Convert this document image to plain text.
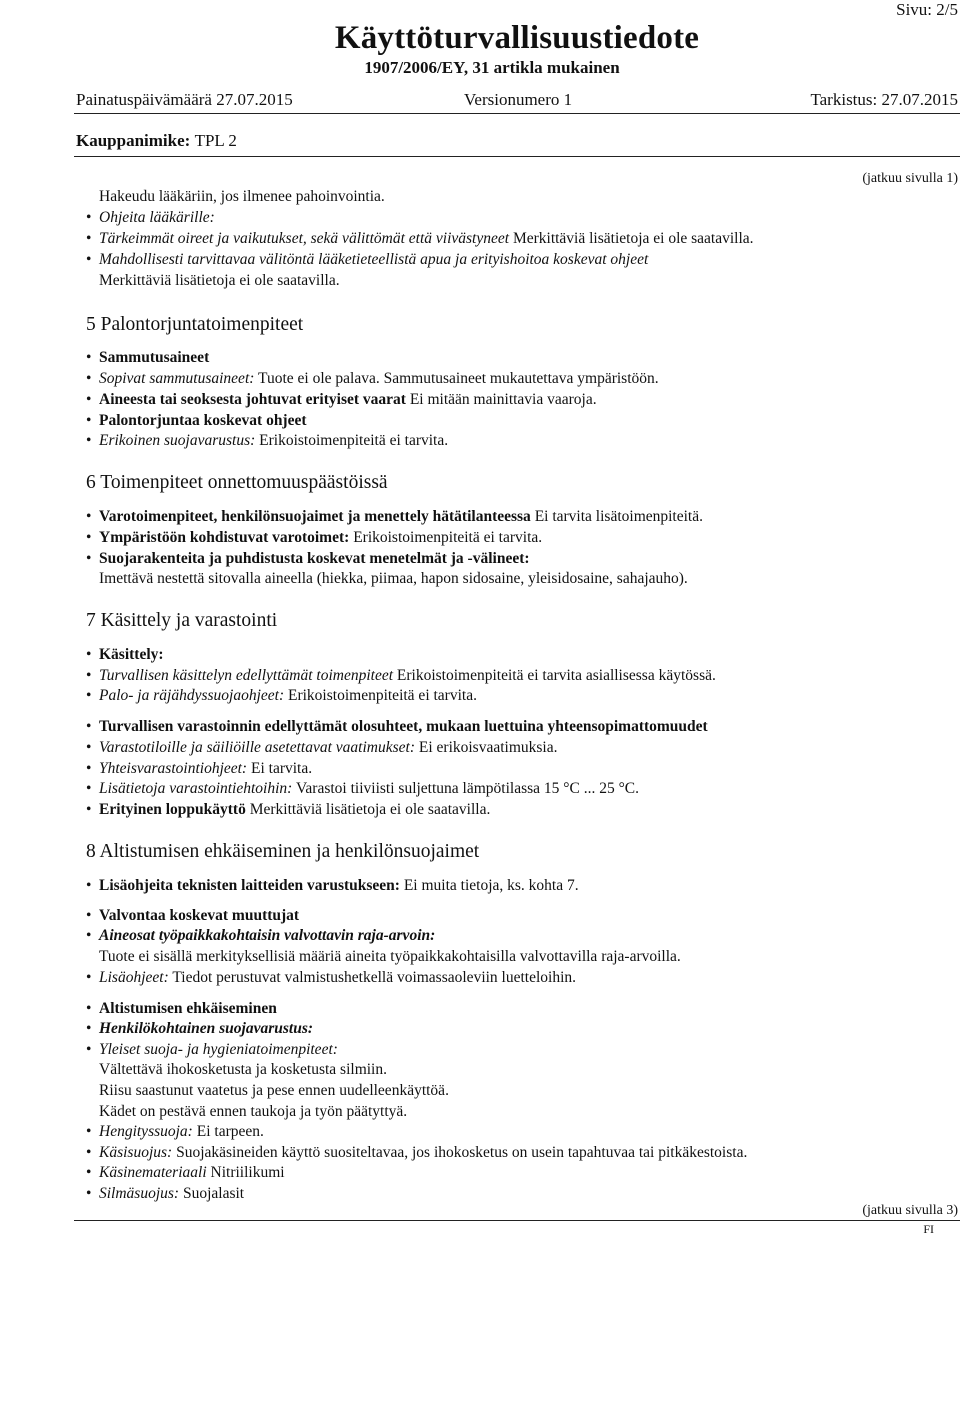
Sivu: 2/5
Käyttöturvallisuustiedote
1907/2006/EY, 31 artikla mukainen
Painatuspäivämäärä 27.07.2015	Versionumero 1	Tarkistus: 27.07.2015
Kauppanimike: TPL 2
(jatkuu sivulla 1)
Hakeudu lääkäriin, jos ilmenee pahoinvointia.
• Ohjeita lääkärille:
• Tärkeimmät oireet ja vaikutukset, sekä välittömät että viivästyneet Merkittäviä lisätietoja ei ole saatavilla.
• Mahdollisesti tarvittavaa välitöntä lääketieteellistä apua ja erityishoitoa koskevat ohjeet
Merkittäviä lisätietoja ei ole saatavilla.
5 Palontorjuntatoimenpiteet
• Sammutusaineet
• Sopivat sammutusaineet: Tuote ei ole palava. Sammutusaineet mukautettava ympäristöön.
• Aineesta tai seoksesta johtuvat erityiset vaarat Ei mitään mainittavia vaaroja.
• Palontorjuntaa koskevat ohjeet
• Erikoinen suojavarustus: Erikoistoimenpiteitä ei tarvita.
6 Toimenpiteet onnettomuuspäästöissä
• Varotoimenpiteet, henkilönsuojaimet ja menettely hätätilanteessa Ei tarvita lisätoimenpiteitä.
• Ympäristöön kohdistuvat varotoimet: Erikoistoimenpiteitä ei tarvita.
• Suojarakenteita ja puhdistusta koskevat menetelmät ja -välineet:
Imettävä nestettä sitovalla aineella (hiekka, piimaa, hapon sidosaine, yleisidosaine, sahajauho).
7 Käsittely ja varastointi
• Käsittely:
• Turvallisen käsittelyn edellyttämät toimenpiteet Erikoistoimenpiteitä ei tarvita asiallisessa käytössä.
• Palo- ja räjähdyssuojaohjeet: Erikoistoimenpiteitä ei tarvita.
• Turvallisen varastoinnin edellyttämät olosuhteet, mukaan luettuina yhteensopimattomuudet
• Varastotiloille ja säiliöille asetettavat vaatimukset: Ei erikoisvaatimuksia.
• Yhteisvarastointiohjeet: Ei tarvita.
• Lisätietoja varastointiehtoihin: Varastoi tiiviisti suljettuna lämpötilassa 15 °C ... 25 °C.
• Erityinen loppukäyttö Merkittäviä lisätietoja ei ole saatavilla.
8 Altistumisen ehkäiseminen ja henkilönsuojaimet
• Lisäohjeita teknisten laitteiden varustukseen: Ei muita tietoja, ks. kohta 7.
• Valvontaa koskevat muuttujat
• Aineosat työpaikkakohtaisin valvottavin raja-arvoin:
Tuote ei sisällä merkityksellisiä määriä aineita työpaikkakohtaisilla valvottavilla raja-arvoilla.
• Lisäohjeet: Tiedot perustuvat valmistushetkellä voimassaoleviin luetteloihin.
• Altistumisen ehkäiseminen
• Henkilökohtainen suojavarustus:
• Yleiset suoja- ja hygieniatoimenpiteet:
Vältettävä ihokosketusta ja kosketusta silmiin.
Riisu saastunut vaatetus ja pese ennen uudelleenkäyttöä.
Kädet on pestävä ennen taukoja ja työn päätyttyä.
• Hengityssuoja: Ei tarpeen.
• Käsisuojus: Suojakäsineiden käyttö suositeltavaa, jos ihokosketus on usein tapahtuvaa tai pitkäkestoista.
• Käsinemateriaali Nitriilikumi
• Silmäsuojus: Suojalasit
(jatkuu sivulla 3)
FI
